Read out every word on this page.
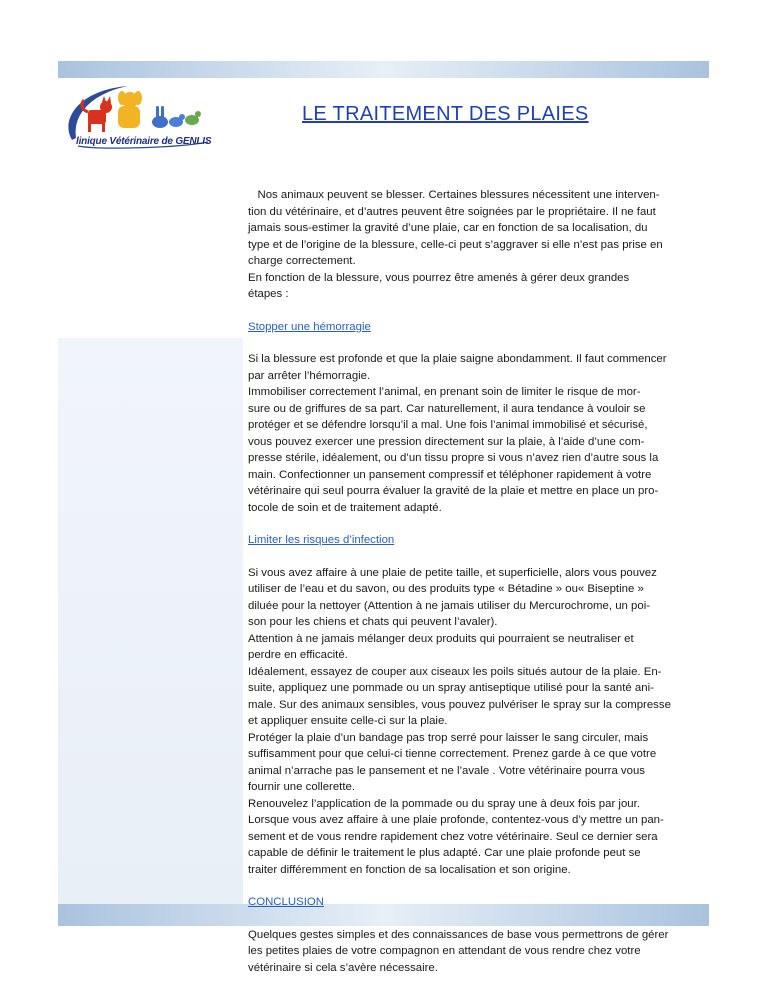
linique Vétérinaire de GENLIS
LE TRAITEMENT DES PLAIES

Nos animaux peuvent se blesser. Certaines blessures nécessitent une interven-
tion du vétérinaire, et d’autres peuvent être soignées par le propriétaire. Il ne faut
jamais sous-estimer la gravité d’une plaie, car en fonction de sa localisation, du
type et de l’origine de la blessure, celle-ci peut s’aggraver si elle n’est pas prise en
charge correctement.
En fonction de la blessure, vous pourrez être amenés à gérer deux grandes
étapes :

Stopper une hémorragie

Si la blessure est profonde et que la plaie saigne abondamment. Il faut commencer
par arrêter l’hémorragie.
Immobiliser correctement l’animal, en prenant soin de limiter le risque de mor-
sure ou de griffures de sa part. Car naturellement, il aura tendance à vouloir se
protéger et se défendre lorsqu’il a mal. Une fois l’animal immobilisé et sécurisé,
vous pouvez exercer une pression directement sur la plaie, à l’aide d’une com-
presse stérile, idéalement, ou d’un tissu propre si vous n’avez rien d’autre sous la
main. Confectionner un pansement compressif et téléphoner rapidement à votre
vétérinaire qui seul pourra évaluer la gravité de la plaie et mettre en place un pro-
tocole de soin et de traitement adapté.

Limiter les risques d’infection

Si vous avez affaire à une plaie de petite taille, et superficielle, alors vous pouvez
utiliser de l’eau et du savon, ou des produits type « Bétadine » ou« Biseptine »
diluée pour la nettoyer (Attention à ne jamais utiliser du Mercurochrome, un poi-
son pour les chiens et chats qui peuvent l’avaler).
Attention à ne jamais mélanger deux produits qui pourraient se neutraliser et
perdre en efficacité.
Idéalement, essayez de couper aux ciseaux les poils situés autour de la plaie. En-
suite, appliquez une pommade ou un spray antiseptique utilisé pour la santé ani-
male. Sur des animaux sensibles, vous pouvez pulvériser le spray sur la compresse
et appliquer ensuite celle-ci sur la plaie.
Protéger la plaie d’un bandage pas trop serré pour laisser le sang circuler, mais
suffisamment pour que celui-ci tienne correctement. Prenez garde à ce que votre
animal n’arrache pas le pansement et ne l’avale . Votre vétérinaire pourra vous
fournir une collerette.
Renouvelez l’application de la pommade ou du spray une à deux fois par jour.
Lorsque vous avez affaire à une plaie profonde, contentez-vous d’y mettre un pan-
sement et de vous rendre rapidement chez votre vétérinaire. Seul ce dernier sera
capable de définir le traitement le plus adapté. Car une plaie profonde peut se
traiter différemment en fonction de sa localisation et son origine.

CONCLUSION

Quelques gestes simples et des connaissances de base vous permettrons de gérer
les petites plaies de votre compagnon en attendant de vous rendre chez votre
vétérinaire si cela s’avère nécessaire.
